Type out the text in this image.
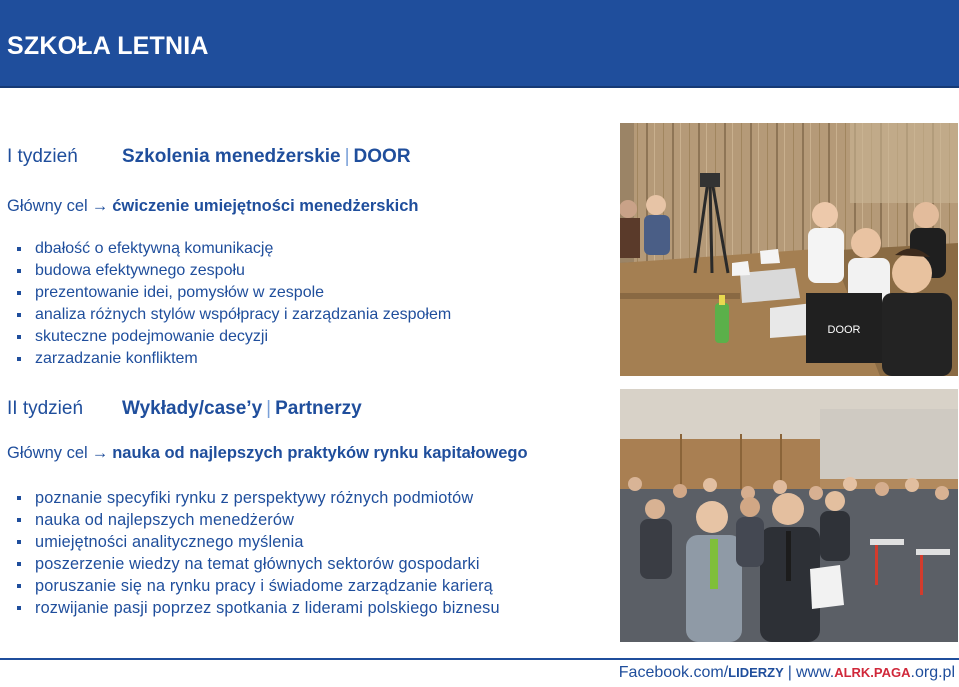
SZKOŁA LETNIA
I tydzień Szkolenia menedżerskie | DOOR
Główny cel → ćwiczenie umiejętności menedżerskich
dbałość o efektywną komunikację
budowa efektywnego zespołu
prezentowanie idei, pomysłów w zespole
analiza różnych stylów współpracy i zarządzania zespołem
skuteczne podejmowanie decyzji
zarzadzanie konfliktem
II tydzień Wykłady/case’y | Partnerzy
Główny cel → nauka od najlepszych praktyków rynku kapitałowego
poznanie specyfiki rynku z perspektywy różnych podmiotów
nauka od najlepszych menedżerów
umiejętności analitycznego myślenia
poszerzenie wiedzy na temat głównych sektorów gospodarki
poruszanie się na rynku pracy i świadome zarządzanie karierą
rozwijanie pasji poprzez spotkania z liderami polskiego biznesu
DOOR
Facebook.com/LIDERZY | www.ALRK.PAGA.org.pl
